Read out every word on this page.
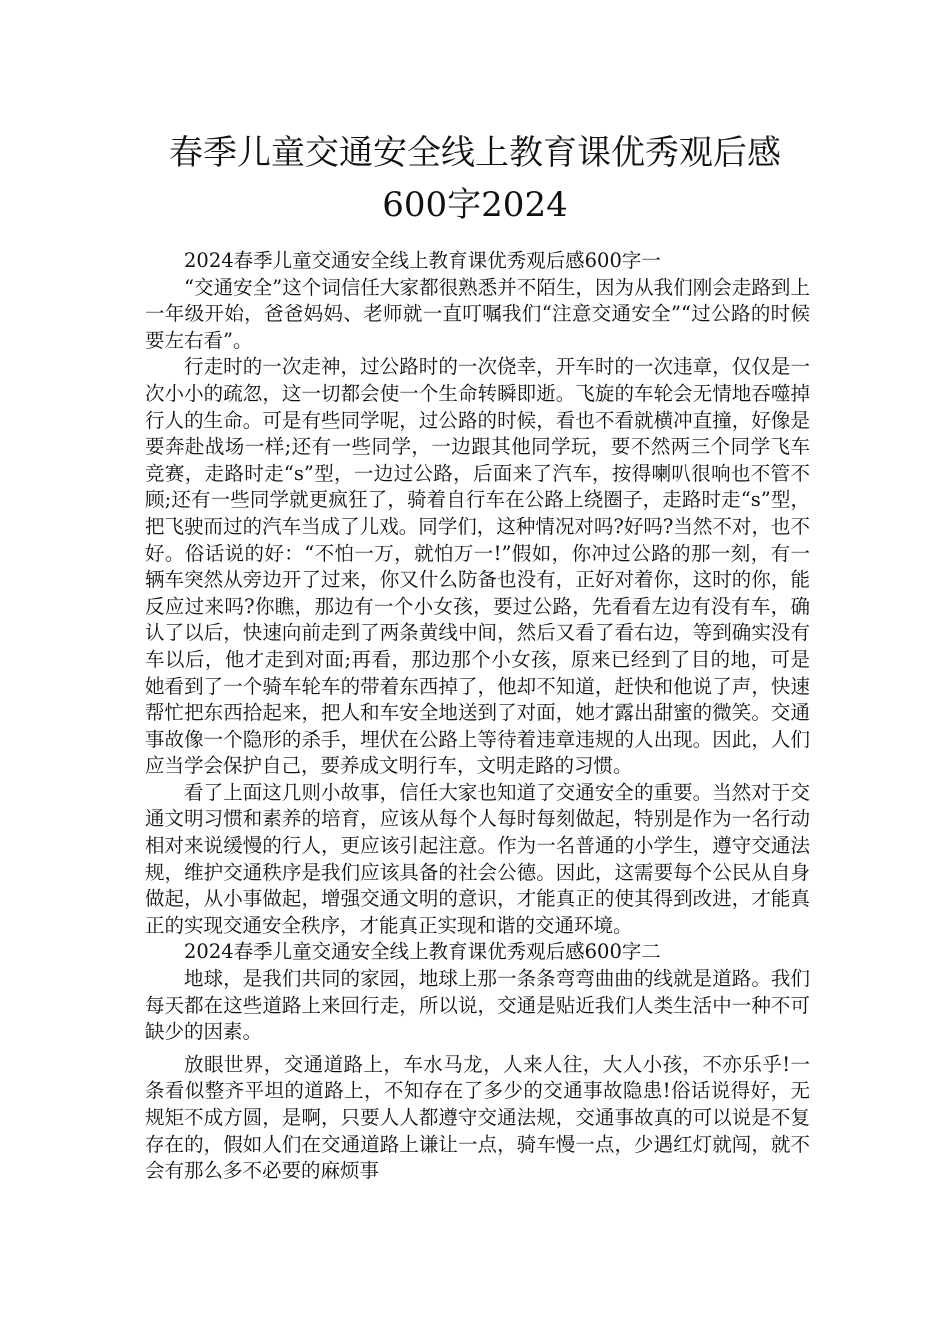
春季儿童交通安全线上教育课优秀观后感
600字2024

2024春季儿童交通安全线上教育课优秀观后感600字一

“交通安全”这个词信任大家都很熟悉并不陌生，因为从我们刚会走路到上一年级开始，爸爸妈妈、老师就一直叮嘱我们“注意交通安全”“过公路的时候要左右看”。

行走时的一次走神，过公路时的一次侥幸，开车时的一次违章，仅仅是一次小小的疏忽，这一切都会使一个生命转瞬即逝。飞旋的车轮会无情地吞噬掉行人的生命。可是有些同学呢，过公路的时候，看也不看就横冲直撞，好像是要奔赴战场一样;还有一些同学，一边跟其他同学玩，要不然两三个同学飞车竞赛，走路时走“s”型，一边过公路，后面来了汽车，按得喇叭很响也不管不顾;还有一些同学就更疯狂了，骑着自行车在公路上绕圈子，走路时走“s”型，把飞驶而过的汽车当成了儿戏。同学们，这种情况对吗?好吗?当然不对，也不好。俗话说的好：“不怕一万，就怕万一!”假如，你冲过公路的那一刻，有一辆车突然从旁边开了过来，你又什么防备也没有，正好对着你，这时的你，能反应过来吗?你瞧，那边有一个小女孩，要过公路，先看看左边有没有车，确认了以后，快速向前走到了两条黄线中间，然后又看了看右边，等到确实没有车以后，他才走到对面;再看，那边那个小女孩，原来已经到了目的地，可是她看到了一个骑车轮车的带着东西掉了，他却不知道，赶快和他说了声，快速帮忙把东西拾起来，把人和车安全地送到了对面，她才露出甜蜜的微笑。交通事故像一个隐形的杀手，埋伏在公路上等待着违章违规的人出现。因此，人们应当学会保护自己，要养成文明行车，文明走路的习惯。

看了上面这几则小故事，信任大家也知道了交通安全的重要。当然对于交通文明习惯和素养的培育，应该从每个人每时每刻做起，特别是作为一名行动相对来说缓慢的行人，更应该引起注意。作为一名普通的小学生，遵守交通法规，维护交通秩序是我们应该具备的社会公德。因此，这需要每个公民从自身做起，从小事做起，增强交通文明的意识，才能真正的使其得到改进，才能真正的实现交通安全秩序，才能真正实现和谐的交通环境。

2024春季儿童交通安全线上教育课优秀观后感600字二

地球，是我们共同的家园，地球上那一条条弯弯曲曲的线就是道路。我们每天都在这些道路上来回行走，所以说，交通是贴近我们人类生活中一种不可缺少的因素。

放眼世界，交通道路上，车水马龙，人来人往，大人小孩，不亦乐乎!一条看似整齐平坦的道路上，不知存在了多少的交通事故隐患!俗话说得好，无规矩不成方圆，是啊，只要人人都遵守交通法规，交通事故真的可以说是不复存在的，假如人们在交通道路上谦让一点，骑车慢一点，少遇红灯就闯，就不会有那么多不必要的麻烦事
